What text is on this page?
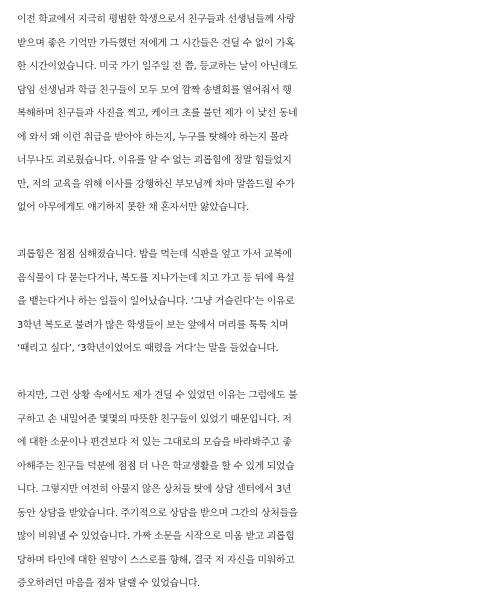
이전 학교에서 지극히 평범한 학생으로서 친구들과 선생님들께 사랑
받으며 좋은 기억만 가득했던 저에게 그 시간들은 견딜 수 없이 가혹
한 시간이었습니다. 미국 가기 일주일 전 쯤, 등교하는 날이 아닌데도
담임 선생님과 학급 친구들이 모두 모여 깜짝 송별회를 열어줘서 행
복해하며 친구들과 사진을 찍고, 케이크 초를 불던 제가 이 낯선 동네
에 와서 왜 이런 취급을 받아야 하는지, 누구를 탓해야 하는지 몰라
너무나도 괴로웠습니다. 이유를 알 수 없는 괴롭힘에 정말 힘들었지
만, 저의 교육을 위해 이사를 강행하신 부모님께 차마 말씀드릴 수가
없어 아무에게도 얘기하지 못한 채 혼자서만 앓았습니다.
괴롭힘은 점점 심해졌습니다. 밥을 먹는데 식판을 엎고 가서 교복에
음식물이 다 묻는다거나, 복도를 지나가는데 치고 가고 등 뒤에 욕설
을 뱉는다거나 하는 일들이 일어났습니다. ‘그냥 거슬린다’는 이유로
3학년 복도로 불려가 많은 학생들이 보는 앞에서 머리를 툭툭 치며
‘때리고 싶다’, ‘3학년이었어도 때렸을 거다’는 말을 들었습니다.
하지만, 그런 상황 속에서도 제가 견딜 수 있었던 이유는 그럼에도 불
구하고 손 내밀어준 몇몇의 따뜻한 친구들이 있었기 때문입니다. 저
에 대한 소문이나 편견보다 저 있는 그대로의 모습을 바라봐주고 좋
아해주는 친구들 덕분에 점점 더 나은 학교생활을 할 수 있게 되었습
니다. 그렇지만 여전히 아물지 않은 상처들 탓에 상담 센터에서 3년
동안 상담을 받았습니다. 주기적으로 상담을 받으며 그간의 상처들을
많이 비워낼 수 있었습니다. 가짜 소문을 시작으로 미움 받고 괴롭힘
당하며 타인에 대한 원망이 스스로를 향해, 결국 저 자신을 미워하고
증오하려던 마음을 점차 달랠 수 있었습니다.
